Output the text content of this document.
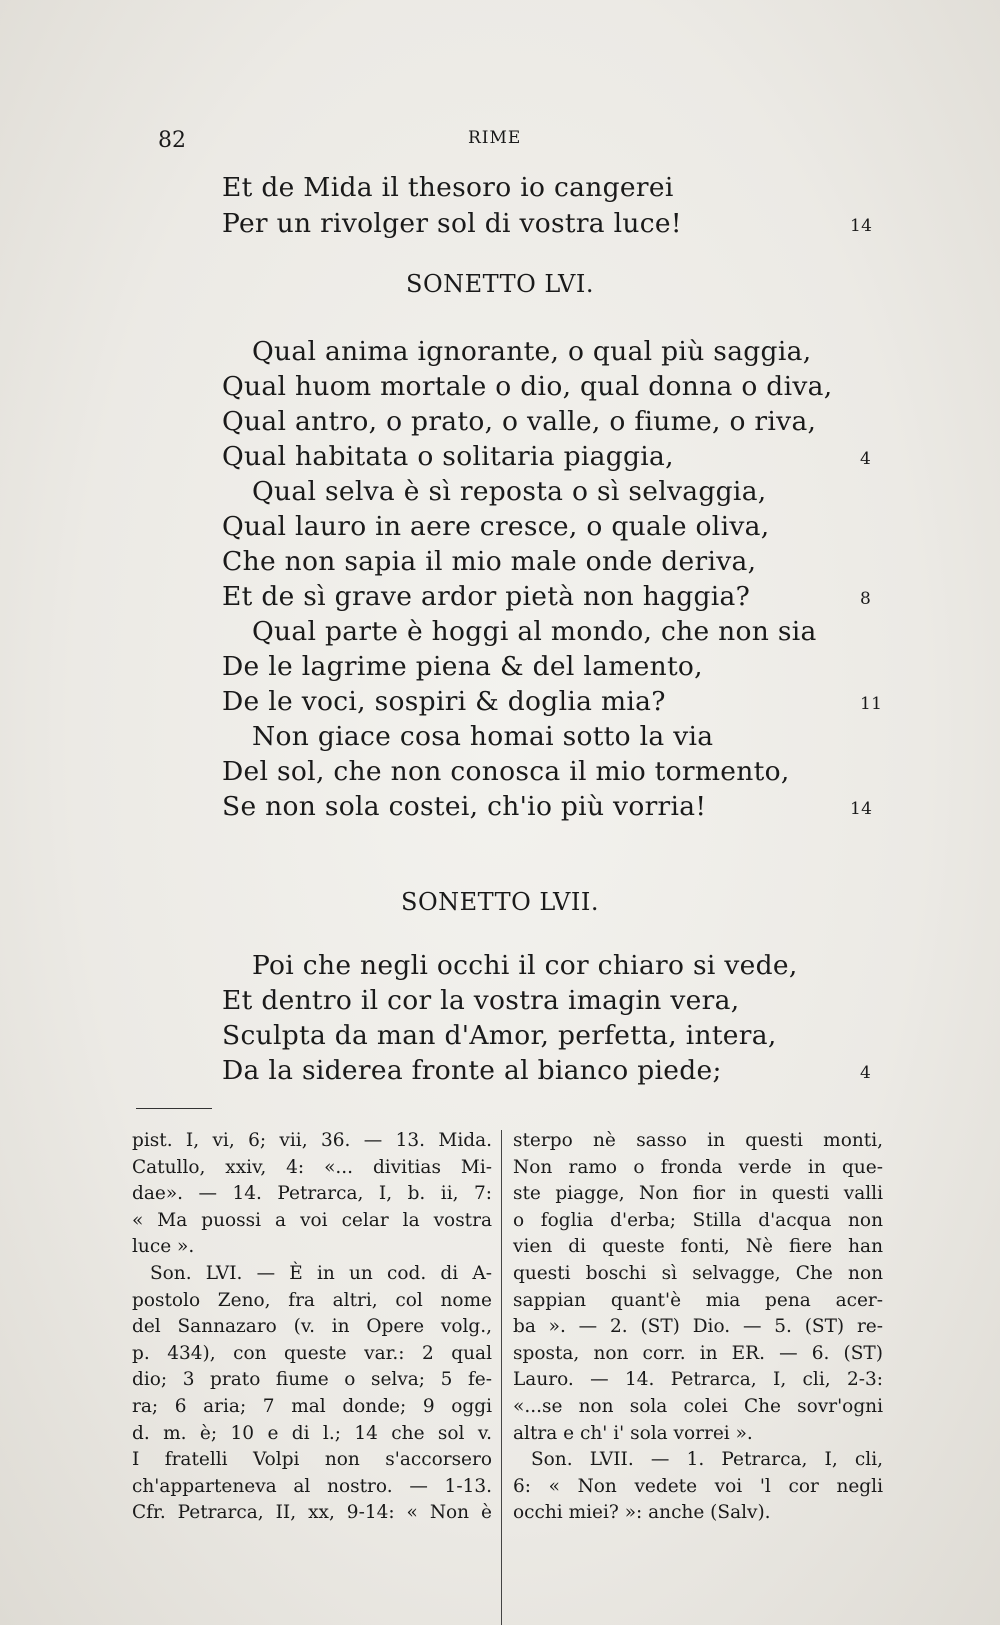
82	RIME
Et de Mida il thesoro io cangerei
Per un rivolger sol di vostra luce!	14
SONETTO LVI.
Qual anima ignorante, o qual più saggia,
Qual huom mortale o dio, qual donna o diva,
Qual antro, o prato, o valle, o fiume, o riva,
Qual habitata o solitaria piaggia,	4
Qual selva è sì reposta o sì selvaggia,
Qual lauro in aere cresce, o quale oliva,
Che non sapia il mio male onde deriva,
Et de sì grave ardor pietà non haggia?	8
Qual parte è hoggi al mondo, che non sia
De le lagrime piena & del lamento,
De le voci, sospiri & doglia mia?	11
Non giace cosa homai sotto la via
Del sol, che non conosca il mio tormento,
Se non sola costei, ch'io più vorria!	14
SONETTO LVII.
Poi che negli occhi il cor chiaro si vede,
Et dentro il cor la vostra imagin vera,
Sculpta da man d'Amor, perfetta, intera,
Da la siderea fronte al bianco piede;	4
pist. I, vi, 6; vii, 36. — 13. Mida.
Catullo, xxiv, 4: «... divitias Mi-
dae». — 14. Petrarca, I, b. ii, 7:
« Ma puossi a voi celar la vostra
luce ».
Son. LVI. — È in un cod. di A-
postolo Zeno, fra altri, col nome
del Sannazaro (v. in Opere volg.,
p. 434), con queste var.: 2 qual
dio; 3 prato fiume o selva; 5 fe-
ra; 6 aria; 7 mal donde; 9 oggi
d. m. è; 10 e di l.; 14 che sol v.
I fratelli Volpi non s'accorsero
ch'apparteneva al nostro. — 1-13.
Cfr. Petrarca, II, xx, 9-14: « Non è
sterpo nè sasso in questi monti,
Non ramo o fronda verde in que-
ste piagge, Non fior in questi valli
o foglia d'erba; Stilla d'acqua non
vien di queste fonti, Nè fiere han
questi boschi sì selvagge, Che non
sappian quant'è mia pena acer-
ba ». — 2. (ST) Dio. — 5. (ST) re-
sposta, non corr. in ER. — 6. (ST)
Lauro. — 14. Petrarca, I, cli, 2-3:
«...se non sola colei Che sovr'ogni
altra e ch' i' sola vorrei ».
Son. LVII. — 1. Petrarca, I, cli,
6: « Non vedete voi 'l cor negli
occhi miei? »: anche (Salv).
